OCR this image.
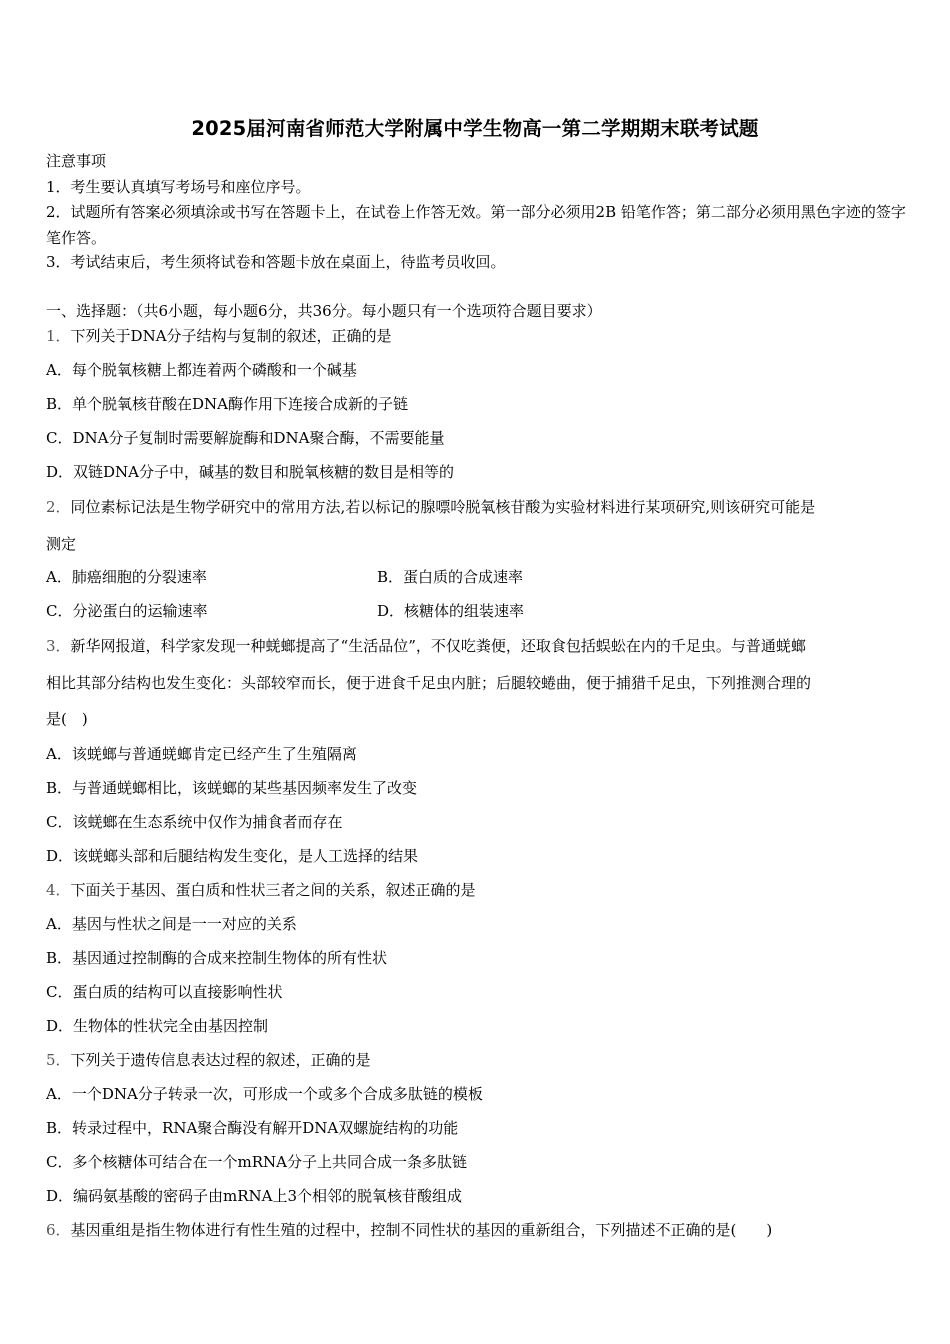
2025届河南省师范大学附属中学生物高一第二学期期末联考试题
注意事项
1．考生要认真填写考场号和座位序号。
2．试题所有答案必须填涂或书写在答题卡上，在试卷上作答无效。第一部分必须用2B 铅笔作答；第二部分必须用黑色字迹的签字笔作答。
3．考试结束后，考生须将试卷和答题卡放在桌面上，待监考员收回。
一、选择题：（共6小题，每小题6分，共36分。每小题只有一个选项符合题目要求）
1．下列关于DNA分子结构与复制的叙述，正确的是
A．每个脱氧核糖上都连着两个磷酸和一个碱基
B．单个脱氧核苷酸在DNA酶作用下连接合成新的子链
C．DNA分子复制时需要解旋酶和DNA聚合酶，不需要能量
D．双链DNA分子中，碱基的数目和脱氧核糖的数目是相等的
2．同位素标记法是生物学研究中的常用方法,若以标记的腺嘌呤脱氧核苷酸为实验材料进行某项研究,则该研究可能是
测定
A．肺癌细胞的分裂速率	B．蛋白质的合成速率
C．分泌蛋白的运输速率	D．核糖体的组装速率
3．新华网报道，科学家发现一种蜣螂提高了“生活品位”，不仅吃粪便，还取食包括蜈蚣在内的千足虫。与普通蜣螂
相比其部分结构也发生变化：头部较窄而长，便于进食千足虫内脏；后腿较蜷曲，便于捕猎千足虫，下列推测合理的
是(　)
A．该蜣螂与普通蜣螂肯定已经产生了生殖隔离
B．与普通蜣螂相比，该蜣螂的某些基因频率发生了改变
C．该蜣螂在生态系统中仅作为捕食者而存在
D．该蜣螂头部和后腿结构发生变化，是人工选择的结果
4．下面关于基因、蛋白质和性状三者之间的关系，叙述正确的是
A．基因与性状之间是一一对应的关系
B．基因通过控制酶的合成来控制生物体的所有性状
C．蛋白质的结构可以直接影响性状
D．生物体的性状完全由基因控制
5．下列关于遗传信息表达过程的叙述，正确的是
A．一个DNA分子转录一次，可形成一个或多个合成多肽链的模板
B．转录过程中，RNA聚合酶没有解开DNA双螺旋结构的功能
C．多个核糖体可结合在一个mRNA分子上共同合成一条多肽链
D．编码氨基酸的密码子由mRNA上3个相邻的脱氧核苷酸组成
6．基因重组是指生物体进行有性生殖的过程中，控制不同性状的基因的重新组合，下列描述不正确的是(　　)
